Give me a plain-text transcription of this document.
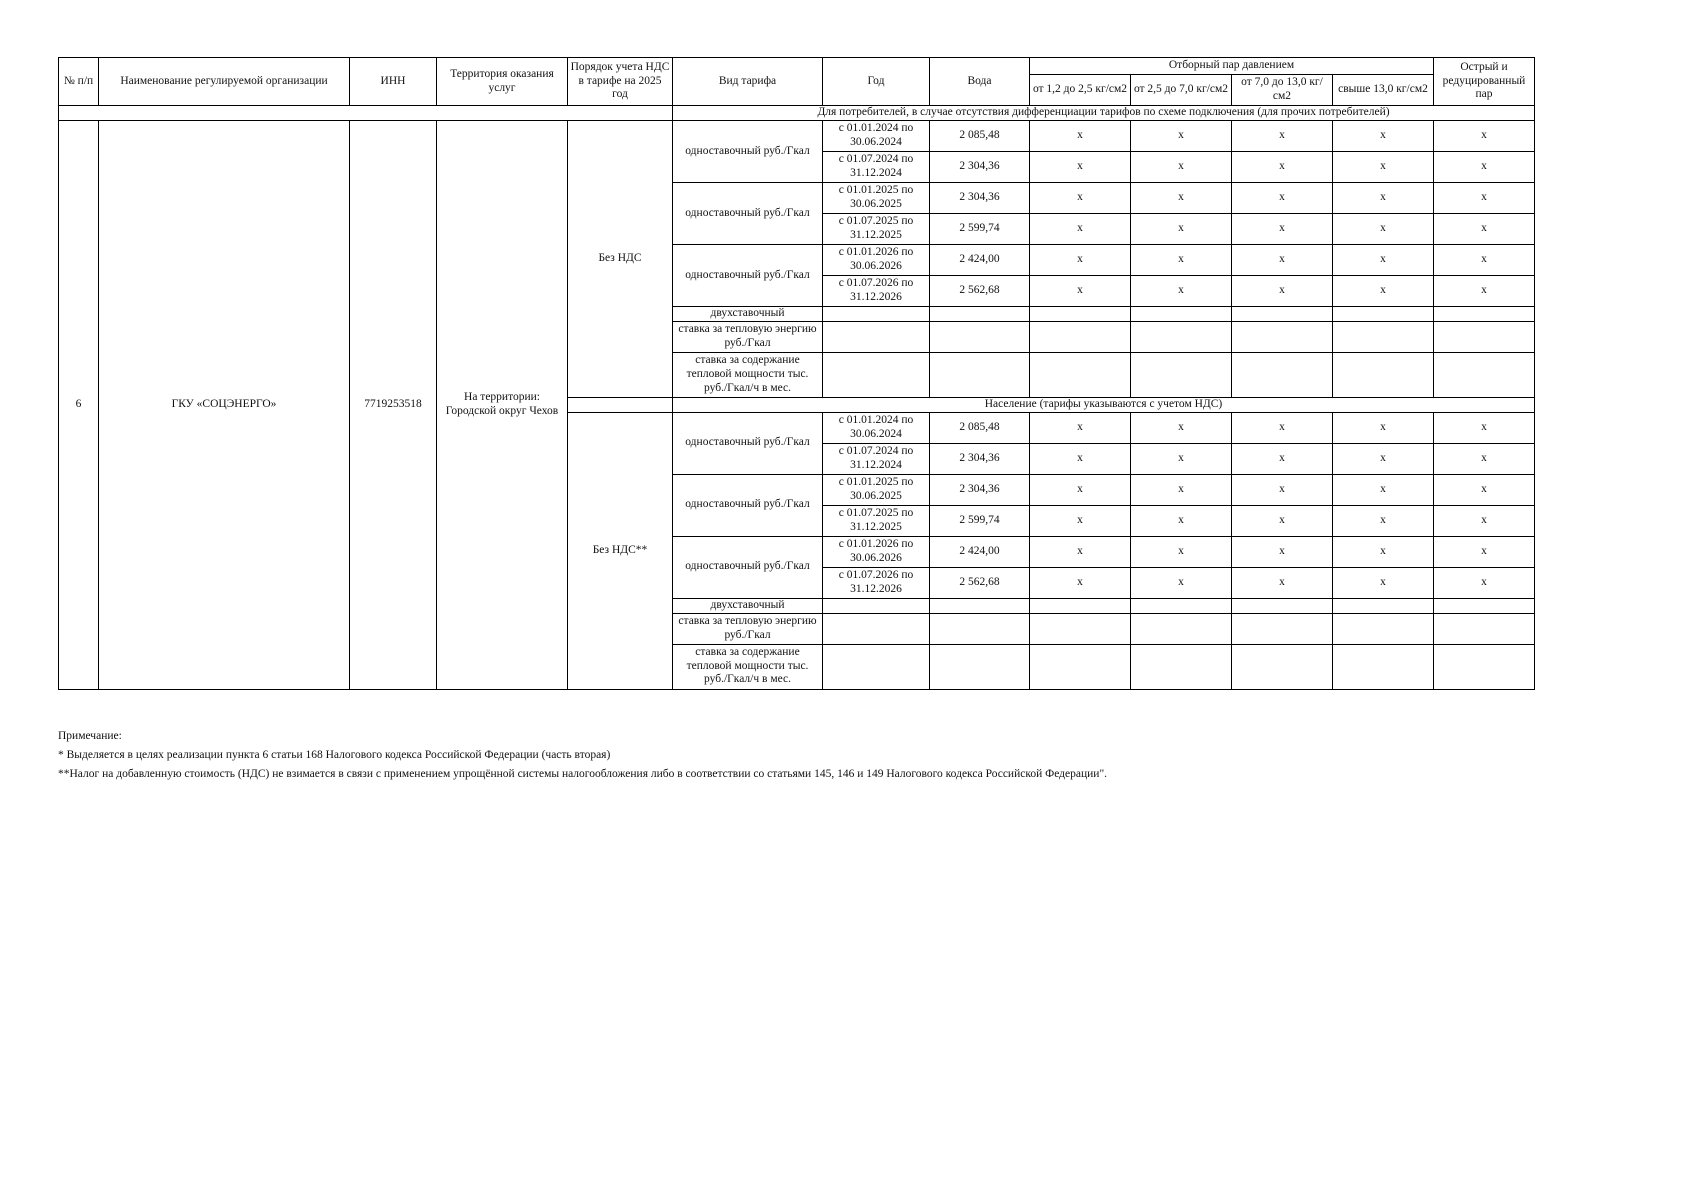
№ п/п	Наименование регулируемой организации	ИНН	Территория оказания услуг	Порядок учета НДС в тарифе на 2025 год	Вид тарифа	Год	Вода	Отборный пар давлением				Острый и редуцированный пар
								от 1,2 до 2,5 кг/см2	от 2,5 до 7,0 кг/см2	от 7,0 до 13,0 кг/см2	свыше 13,0 кг/см2	
					Для потребителей, в случае отсутствия дифференциации тарифов по схеме подключения (для прочих потребителей)							
6	ГКУ «СОЦЭНЕРГО»	7719253518	На территории: Городской округ Чехов	Без НДС	одноставочный руб./Гкал	с 01.01.2024 по 30.06.2024	2 085,48	x	x	x	x	x
						с 01.07.2024 по 31.12.2024	2 304,36	x	x	x	x	x
					одноставочный руб./Гкал	с 01.01.2025 по 30.06.2025	2 304,36	x	x	x	x	x
						с 01.07.2025 по 31.12.2025	2 599,74	x	x	x	x	x
					одноставочный руб./Гкал	с 01.01.2026 по 30.06.2026	2 424,00	x	x	x	x	x
						с 01.07.2026 по 31.12.2026	2 562,68	x	x	x	x	x
					двухставочный							
					ставка за тепловую энергию руб./Гкал							
					ставка за содержание тепловой мощности тыс. руб./Гкал/ч в мес.							
					Население (тарифы указываются с учетом НДС)							
				Без НДС**	одноставочный руб./Гкал	с 01.01.2024 по 30.06.2024	2 085,48	x	x	x	x	x
						с 01.07.2024 по 31.12.2024	2 304,36	x	x	x	x	x
					одноставочный руб./Гкал	с 01.01.2025 по 30.06.2025	2 304,36	x	x	x	x	x
						с 01.07.2025 по 31.12.2025	2 599,74	x	x	x	x	x
					одноставочный руб./Гкал	с 01.01.2026 по 30.06.2026	2 424,00	x	x	x	x	x
						с 01.07.2026 по 31.12.2026	2 562,68	x	x	x	x	x
					двухставочный							
					ставка за тепловую энергию руб./Гкал							
					ставка за содержание тепловой мощности тыс. руб./Гкал/ч в мес.							
Примечание:
* Выделяется в целях реализации пункта 6 статьи 168 Налогового кодекса Российской Федерации (часть вторая)
**Налог на добавленную стоимость (НДС) не взимается в связи с применением упрощённой системы налогообложения либо в соответствии со статьями 145, 146 и 149 Налогового кодекса Российской Федерации".
